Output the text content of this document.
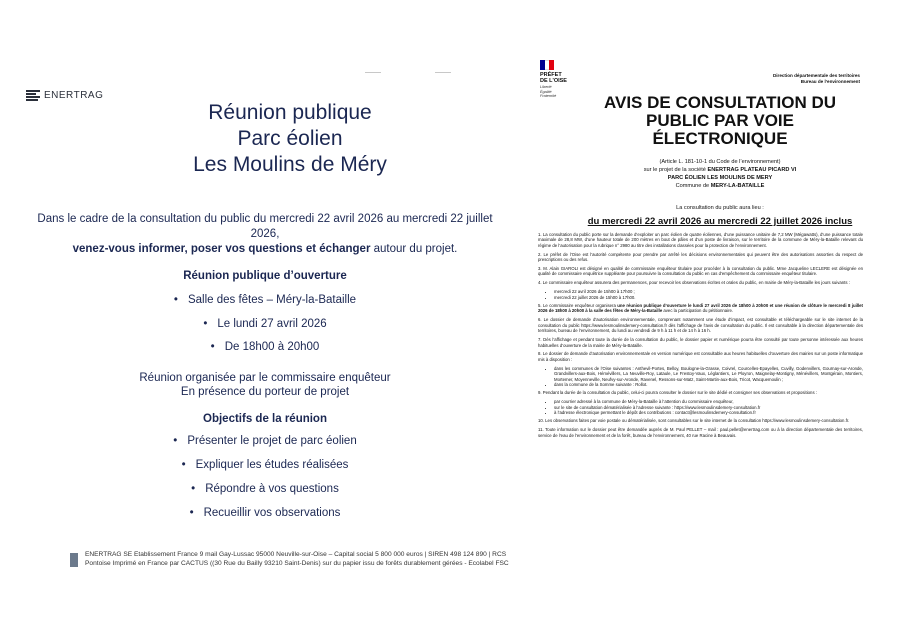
ENERTRAG
Réunion publique
Parc éolien
Les Moulins de Méry
Dans le cadre de la consultation du public du mercredi 22 avril 2026 au mercredi 22 juillet 2026,
venez-vous informer, poser vos questions et échanger autour du projet.
Réunion publique d’ouverture
• Salle des fêtes – Méry-la-Bataille
• Le lundi 27 avril 2026
• De 18h00 à 20h00
Réunion organisée par le commissaire enquêteur
En présence du porteur de projet
Objectifs de la réunion
• Présenter le projet de parc éolien
• Expliquer les études réalisées
• Répondre à vos questions
• Recueillir vos observations
ENERTRAG SE Etablissement France 9 mail Gay-Lussac 95000 Neuville-sur-Oise – Capital social 5 800 000 euros | SIREN 498 124 890 | RCS
Pontoise Imprimé en France par CACTUS ((30 Rue du Bailly 93210 Saint-Denis) sur du papier issu de forêts durablement gérées - Ecolabel FSC
PRÉFET
DE L'OISE
Liberté
Égalité
Fraternité
Direction départementale des territoires
Bureau de l’environnement
AVIS DE CONSULTATION DU
PUBLIC PAR VOIE
ÉLECTRONIQUE
(Article L. 181-10-1 du Code de l’environnement)
sur le projet de la société ENERTRAG PLATEAU PICARD VI
PARC ÉOLIEN LES MOULINS DE MERY
Commune de MERY-LA-BATAILLE
La consultation du public aura lieu :
du mercredi 22 avril 2026 au mercredi 22 juillet 2026 inclus

1. La consultation du public porte sur la demande d’exploiter un parc éolien de quatre éoliennes, d’une puissance unitaire de 7,2 MW (Mégawatts), d’une puissance totale maximale de 28,8 MW, d’une hauteur totale de 200 mètres en bout de pâles et d’un poste de livraison, sur le territoire de la commune de Méry-la-Bataille relevant du régime de l’autorisation pour la rubrique n° 2980 au titre des installations classées pour la protection de l’environnement.

2. Le préfet de l’Oise est l’autorité compétente pour prendre par arrêté les décisions environnementales qui peuvent être des autorisations assorties du respect de prescriptions ou des refus.

3. M. Alain GIAROLI est désigné en qualité de commissaire enquêteur titulaire pour procéder à la consultation du public. Mme Jacqueline LECLERE est désignée en qualité de commissaire enquêtrice suppléante pour poursuivre la consultation du public en cas d’empêchement du commissaire enquêteur titulaire.

4. Le commissaire enquêteur assurera des permanences, pour recevoir les observations écrites et orales du public, en mairie de Méry-la-Bataille les jours suivants :

• mercredi 22 avril 2026 de 15h00 à 17h00 ;
• mercredi 22 juillet 2026 de 15h00 à 17h00.

5. Le commissaire enquêteur organisera une réunion publique d’ouverture le lundi 27 avril 2026 de 18h00 à 20h00 et une réunion de clôture le mercredi 8 juillet 2026 de 18h00 à 20h00 à la salle des fêtes de Méry-la-Bataille avec la participation du pétitionnaire.

6. Le dossier de demande d’autorisation environnementale, comprenant notamment une étude d’impact, est consultable et téléchargeable sur le site internet de la consultation du public https://www.lesmoulinsdemery-consultation.fr dès l’affichage de l’avis de consultation du public. Il est consultable à la direction départementale des territoires, bureau de l’environnement, du lundi au vendredi de 9 h à 11 h et de 14 h à 16 h.

7. Dès l’affichage et pendant toute la durée de la consultation du public, le dossier papier et numérique pourra être consulté par toute personne intéressée aux heures habituelles d’ouverture de la mairie de Méry-la-Bataille.

8. Le dossier de demande d’autorisation environnementale en version numérique est consultable aux heures habituelles d’ouverture des mairies sur un poste informatique mis à disposition :

• dans les communes de l’Oise suivantes : Anthevil-Portes, Belloy, Boulogne-la-Grasse, Coivrel, Courcelles-Epayelles, Cuvilly, Godenvillers, Gournay-sur-Aronde, Grandvillers-aux-Bois, Hémévillers, La Neuville-Roy, Lataule, Le Frestoy-Vaux, Léglantiers, Le Ployron, Maignelay-Montigny, Ménévillers, Montgérain, Montiers, Mortemer, Moyenneville, Neufvy-sur-Aronde, Ravenel, Ressons-sur-Matz, Saint-Martin-aux-Bois, Tricot, Wacquemoulin ;
• dans la commune de la Somme suivante : Rollot.

9. Pendant la durée de la consultation du public, celui-ci pourra consulter le dossier sur le site dédié et consigner ses observations et propositions :

• par courrier adressé à la commune de Méry-la-Bataille à l’attention du commissaire enquêteur,
• sur le site de consultation dématérialisée à l’adresse suivante : https://www.lesmoulinsdemery-consultation.fr
• à l’adresse électronique permettant le dépôt des contributions : contact@lesmoulinsdemery-consultation.fr

10. Les observations faites par voie postale ou dématérialisée, sont consultables sur le site internet de la consultation https://www.lesmoulinsdemery-consultation.fr.

11. Toute information sur le dossier peut être demandée auprès de M. Paul PELLET – mail : paul.pellet@enertrag.com ou à la direction départementale des territoires, service de l’eau de l’environnement et de la forêt, bureau de l’environnement, 40 rue Racine à Beauvais.
